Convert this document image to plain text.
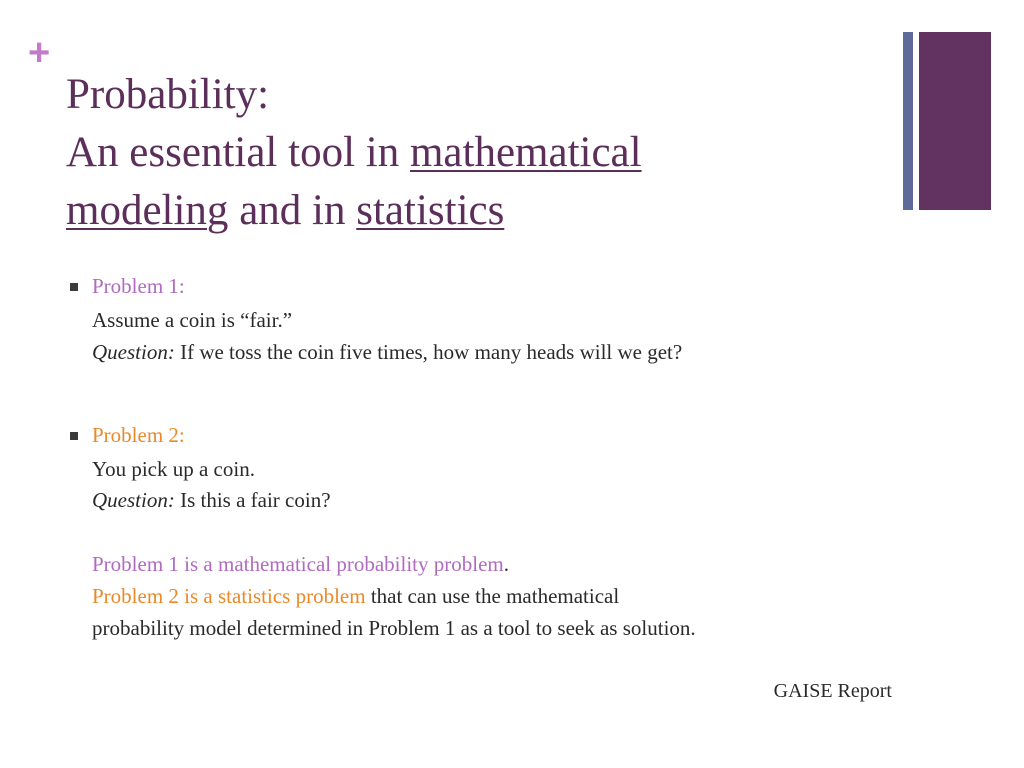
+
Probability:
An essential tool in mathematical
modeling and in statistics
Problem 1:
Assume a coin is “fair.”
Question: If we toss the coin five times, how many heads will we get?
Problem 2:
You pick up a coin.
Question: Is this a fair coin?
Problem 1 is a mathematical probability problem.
Problem 2 is a statistics problem that can use the mathematical
probability model determined in Problem 1 as a tool to seek as solution.
GAISE Report
